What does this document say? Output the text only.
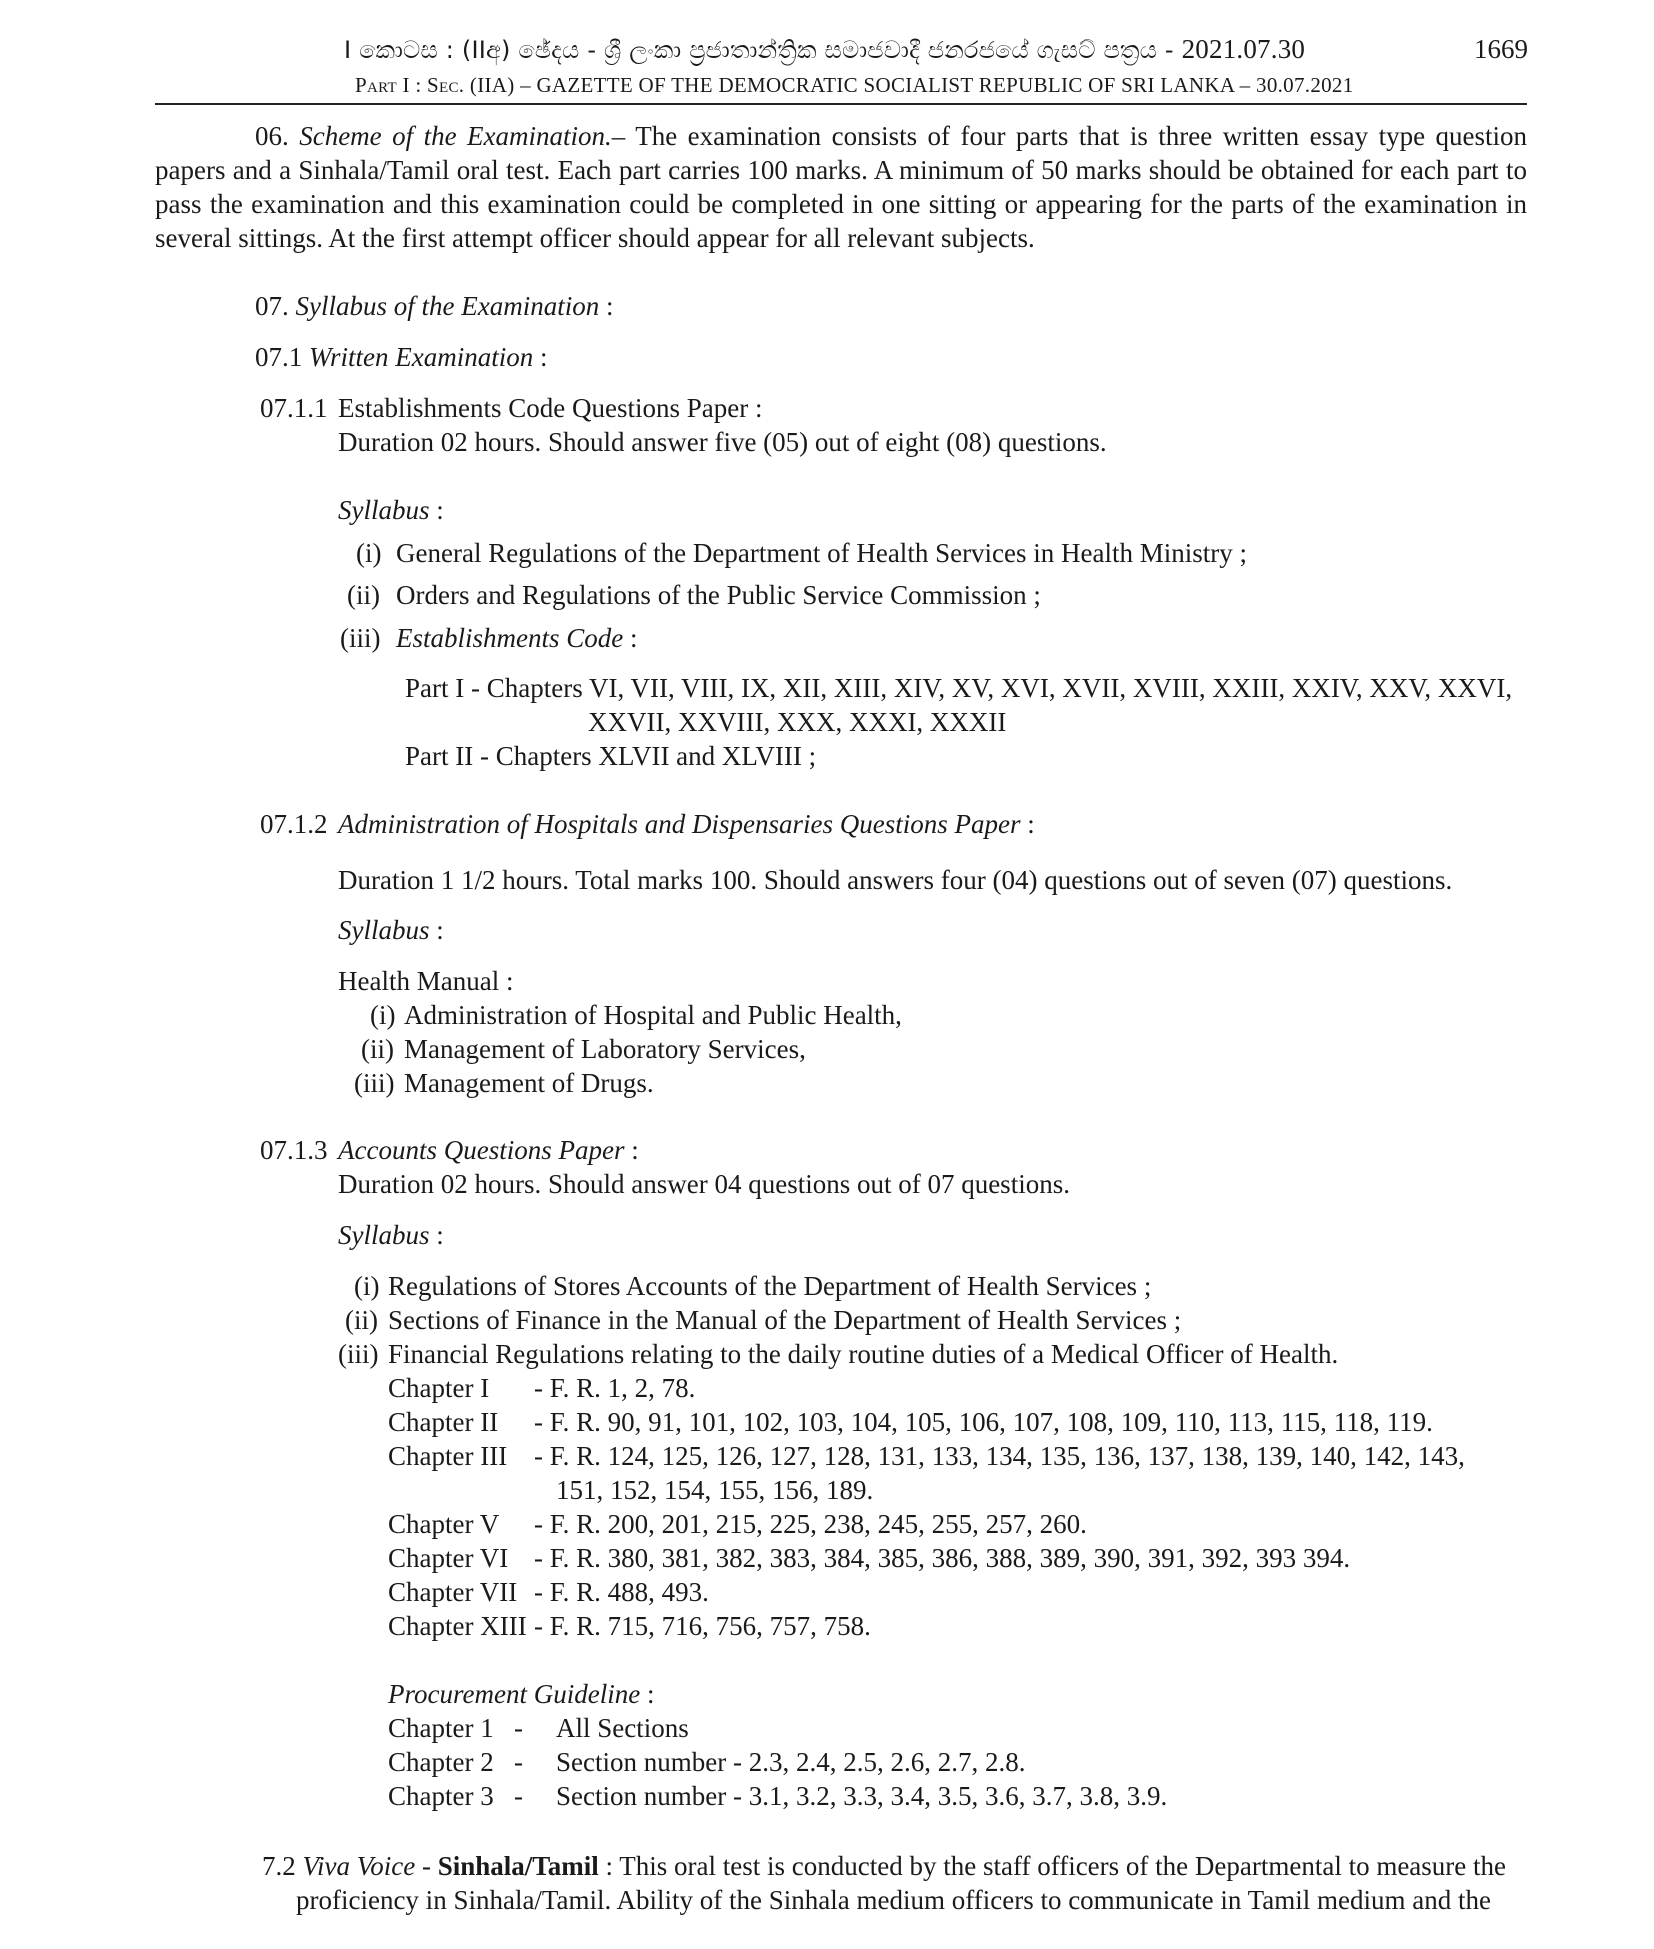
I කොටස : (IIඅ) ඡේදය - ශ්‍රී ලංකා ප්‍රජාතාන්ත්‍රික සමාජවාදී ජනරජයේ ගැසට් පත්‍රය - 2021.07.30	1669
Part I : Sec. (IIA) – GAZETTE OF THE DEMOCRATIC SOCIALIST REPUBLIC OF SRI LANKA – 30.07.2021
06. Scheme of the Examination.– The examination consists of four parts that is three written essay type question papers and a Sinhala/Tamil oral test. Each part carries 100 marks. A minimum of 50 marks should be obtained for each part to pass the examination and this examination could be completed in one sitting or appearing for the parts of the examination in several sittings. At the first attempt officer should appear for all relevant subjects.
07. Syllabus of the Examination :
07.1 Written Examination :
07.1.1 Establishments Code Questions Paper :
Duration 02 hours. Should answer five (05) out of eight (08) questions.
Syllabus :
(i) General Regulations of the Department of Health Services in Health Ministry ;
(ii) Orders and Regulations of the Public Service Commission ;
(iii) Establishments Code :
Part I - Chapters VI, VII, VIII, IX, XII, XIII, XIV, XV, XVI, XVII, XVIII, XXIII, XXIV, XXV, XXVI,
XXVII, XXVIII, XXX, XXXI, XXXII
Part II - Chapters XLVII and XLVIII ;
07.1.2 Administration of Hospitals and Dispensaries Questions Paper :
Duration 1 1/2 hours. Total marks 100. Should answers four (04) questions out of seven (07) questions.
Syllabus :
Health Manual :
(i) Administration of Hospital and Public Health,
(ii) Management of Laboratory Services,
(iii) Management of Drugs.
07.1.3 Accounts Questions Paper :
Duration 02 hours. Should answer 04 questions out of 07 questions.
Syllabus :
(i) Regulations of Stores Accounts of the Department of Health Services ;
(ii) Sections of Finance in the Manual of the Department of Health Services ;
(iii) Financial Regulations relating to the daily routine duties of a Medical Officer of Health.
Chapter I - F. R. 1, 2, 78.
Chapter II - F. R. 90, 91, 101, 102, 103, 104, 105, 106, 107, 108, 109, 110, 113, 115, 118, 119.
Chapter III - F. R. 124, 125, 126, 127, 128, 131, 133, 134, 135, 136, 137, 138, 139, 140, 142, 143,
151, 152, 154, 155, 156, 189.
Chapter V - F. R. 200, 201, 215, 225, 238, 245, 255, 257, 260.
Chapter VI - F. R. 380, 381, 382, 383, 384, 385, 386, 388, 389, 390, 391, 392, 393 394.
Chapter VII - F. R. 488, 493.
Chapter XIII - F. R. 715, 716, 756, 757, 758.
Procurement Guideline :
Chapter 1 - All Sections
Chapter 2 - Section number - 2.3, 2.4, 2.5, 2.6, 2.7, 2.8.
Chapter 3 - Section number - 3.1, 3.2, 3.3, 3.4, 3.5, 3.6, 3.7, 3.8, 3.9.
7.2 Viva Voice - Sinhala/Tamil : This oral test is conducted by the staff officers of the Departmental to measure the
proficiency in Sinhala/Tamil. Ability of the Sinhala medium officers to communicate in Tamil medium and the
